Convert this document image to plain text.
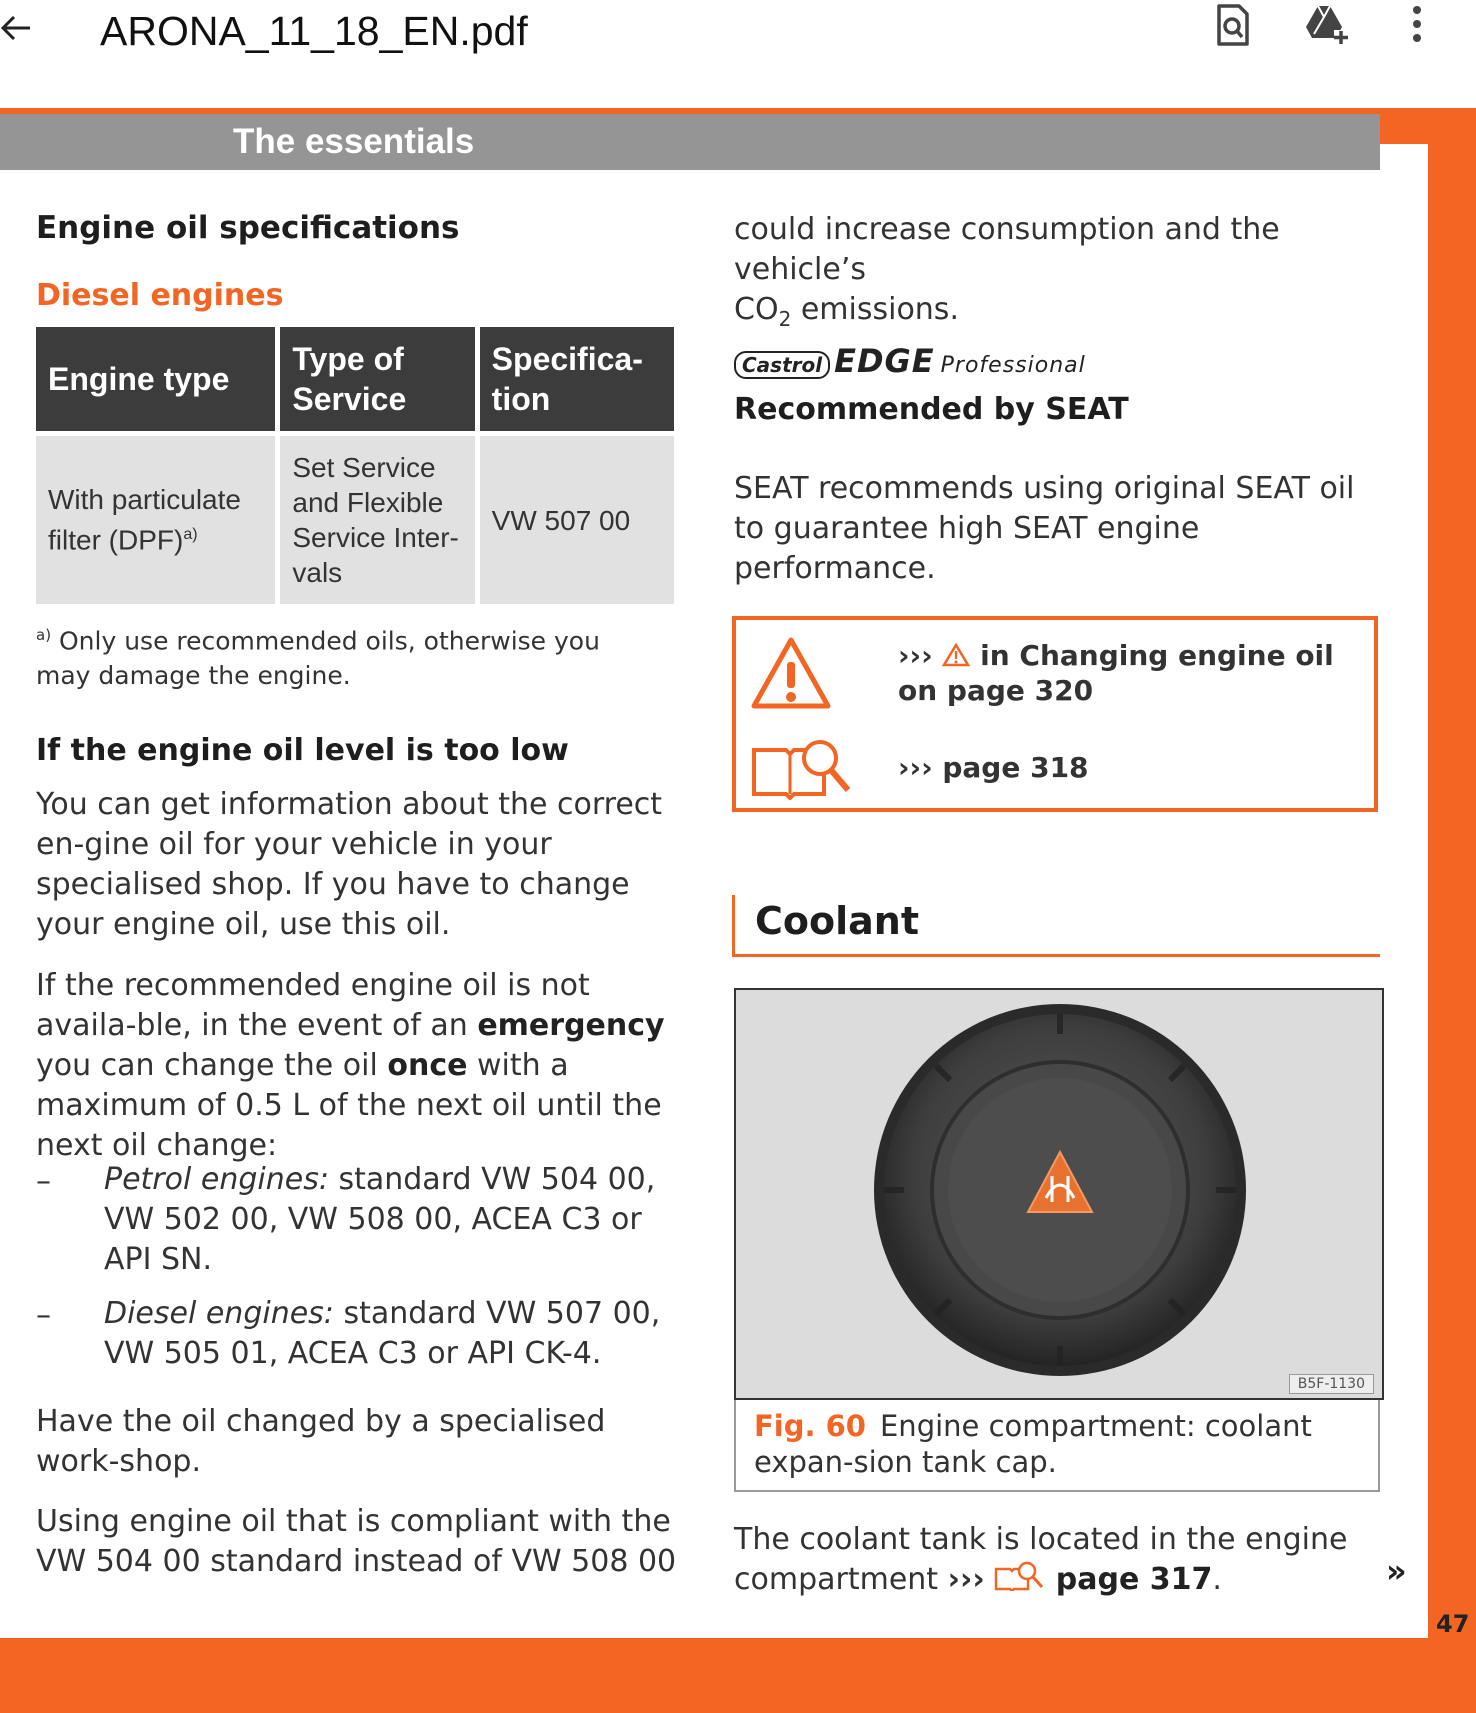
ARONA_11_18_EN.pdf
The essentials
Engine oil specifications
Diesel engines
Engine type	Type of Service	Specifica-tion

With particulate filter (DPF)$^{a)}$	Set Service and Flexible Service Inter-vals	VW 507 00
$^{a)}$ Only use recommended oils, otherwise you may damage the engine.
If the engine oil level is too low
You can get information about the correct en-gine oil for your vehicle in your specialised shop. If you have to change your engine oil, use this oil.
If the recommended engine oil is not availa-ble, in the event of an emergency you can change the oil once with a maximum of 0.5 L of the next oil until the next oil change:
– Petrol engines: standard VW 504 00, VW 502 00, VW 508 00, ACEA C3 or API SN.
– Diesel engines: standard VW 507 00, VW 505 01, ACEA C3 or API CK-4.
Have the oil changed by a specialised work-shop.
Using engine oil that is compliant with the VW 504 00 standard instead of VW 508 00
could increase consumption and the vehicle’s
$CO_2$ emissions.
Castrol EDGE Professional
Recommended by SEAT
SEAT recommends using original SEAT oil to guarantee high SEAT engine performance.
›››  in Changing engine oil on page 320
››› page 318
Coolant
B5F-1130
Fig. 60 Engine compartment: coolant expan-sion tank cap.
The coolant tank is located in the engine compartment ››› page 317.	»
47
